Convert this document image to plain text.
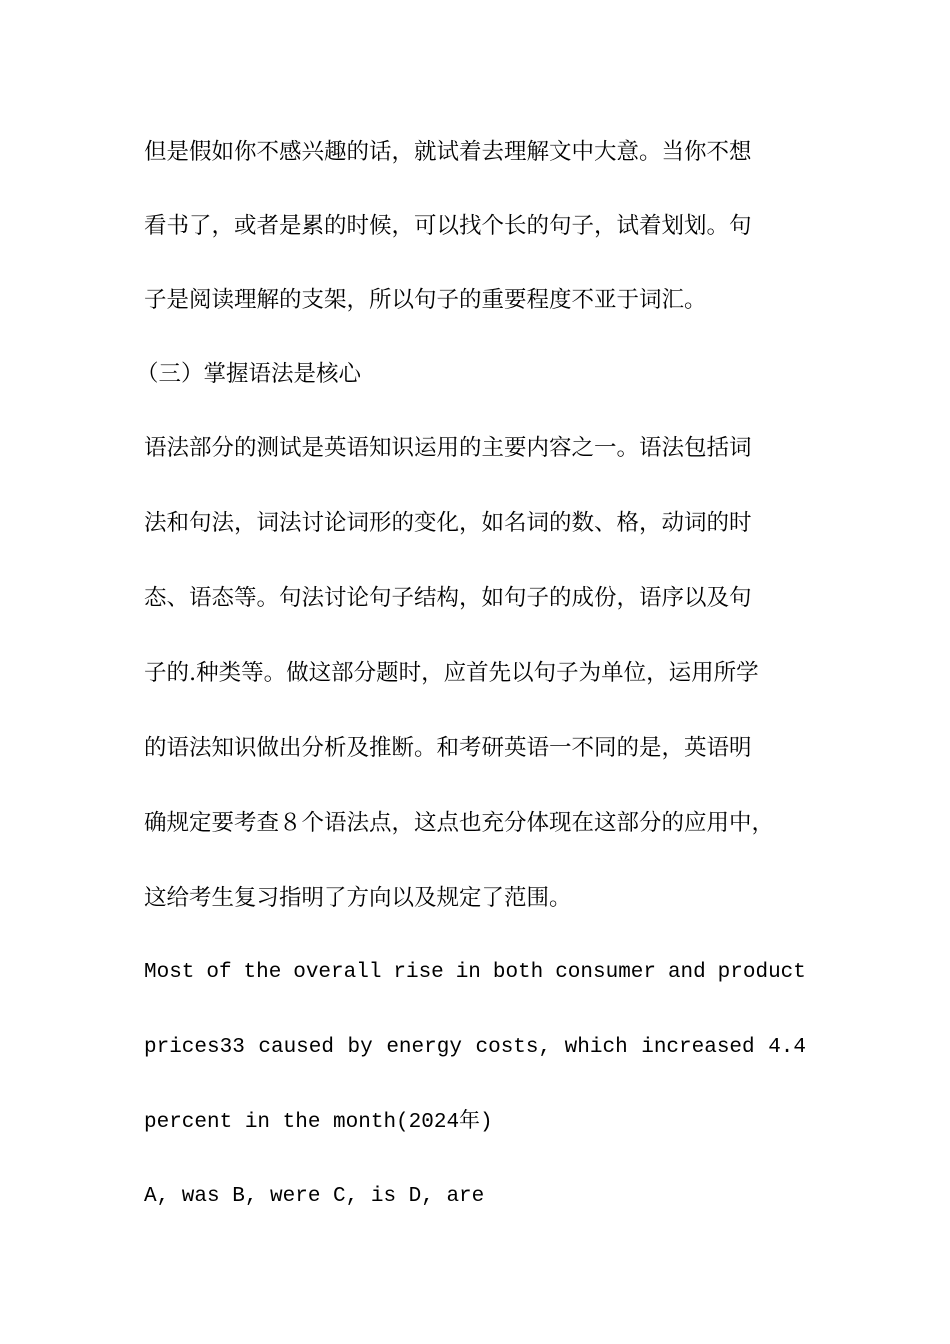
但是假如你不感兴趣的话，就试着去理解文中大意。当你不想
看书了，或者是累的时候，可以找个长的句子，试着划划。句
子是阅读理解的支架，所以句子的重要程度不亚于词汇。
（三）掌握语法是核心
语法部分的测试是英语知识运用的主要内容之一。语法包括词
法和句法，词法讨论词形的变化，如名词的数、格，动词的时
态、语态等。句法讨论句子结构，如句子的成份，语序以及句
子的.种类等。做这部分题时，应首先以句子为单位，运用所学
的语法知识做出分析及推断。和考研英语一不同的是，英语明
确规定要考查８个语法点，这点也充分体现在这部分的应用中，
这给考生复习指明了方向以及规定了范围。
Most of the overall rise in both consumer and product
prices33 caused by energy costs, which increased 4.4
percent in the month(2024年)
A, was B, were C, is D, are
